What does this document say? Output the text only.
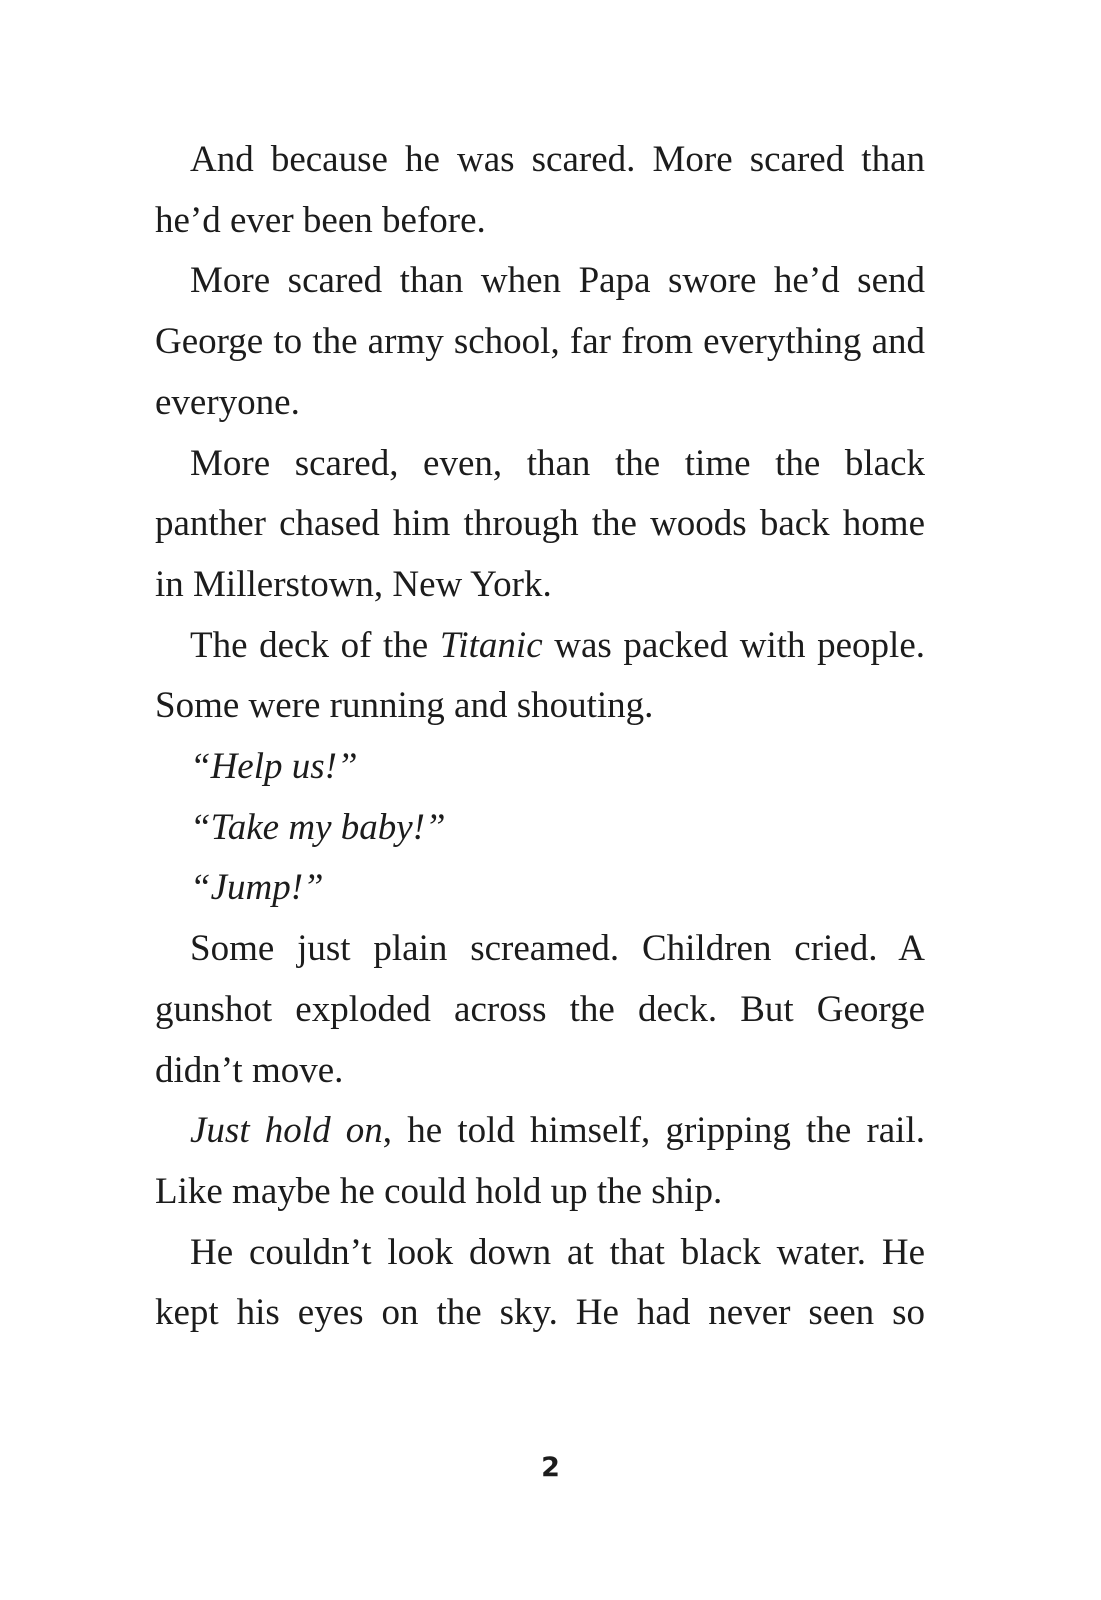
And because he was scared. More scared than he’d ever been before.

More scared than when Papa swore he’d send George to the army school, far from everything and everyone.

More scared, even, than the time the black panther chased him through the woods back home in Millerstown, New York.

The deck of the Titanic was packed with people. Some were running and shouting.

“Help us!”

“Take my baby!”

“Jump!”

Some just plain screamed. Children cried. A gunshot exploded across the deck. But George didn’t move.

Just hold on, he told himself, gripping the rail. Like maybe he could hold up the ship.

He couldn’t look down at that black water. He kept his eyes on the sky. He had never seen so

2
